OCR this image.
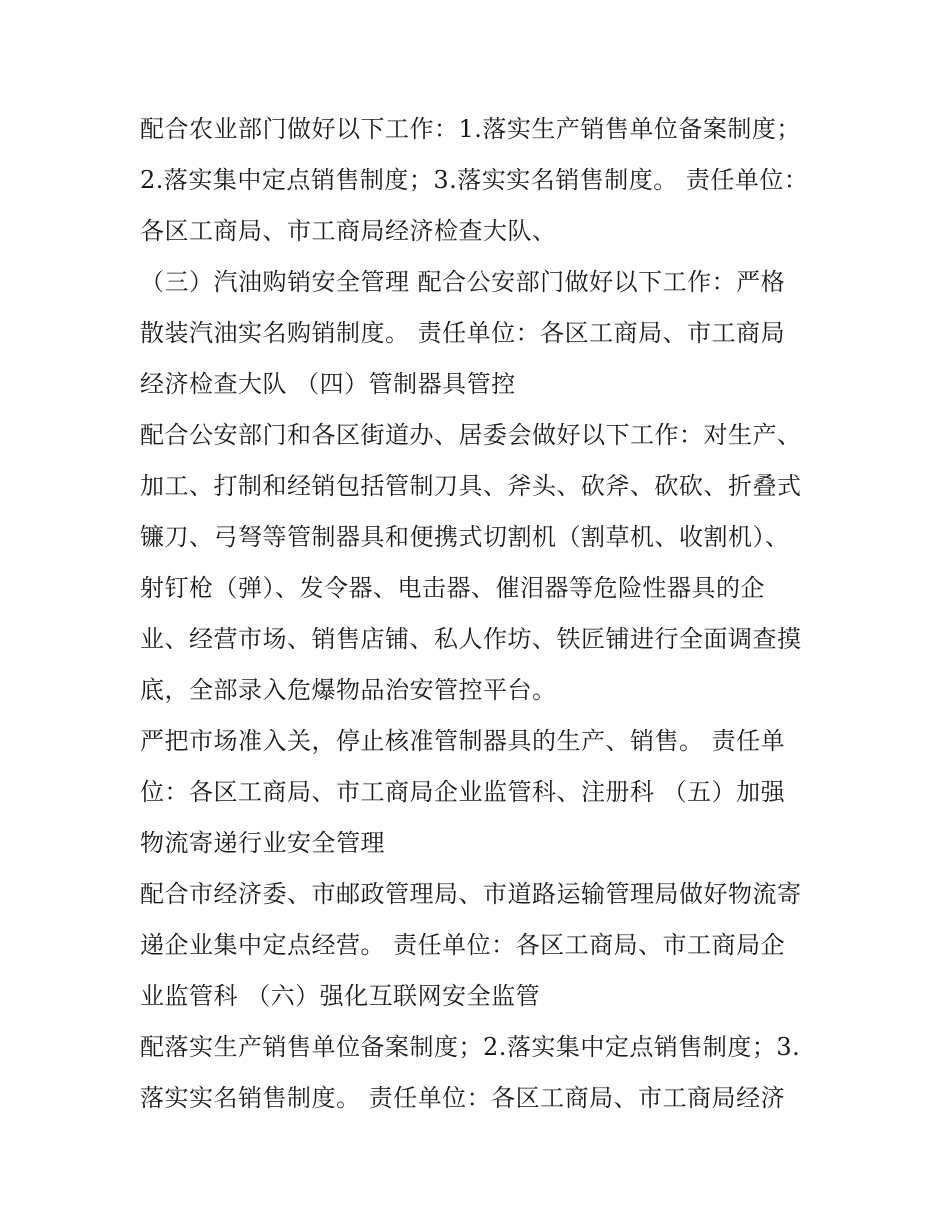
配合农业部门做好以下工作：1.落实生产销售单位备案制度；
2.落实集中定点销售制度；3.落实实名销售制度。 责任单位：
各区工商局、市工商局经济检查大队、
（三）汽油购销安全管理 配合公安部门做好以下工作：严格
散装汽油实名购销制度。 责任单位：各区工商局、市工商局
经济检查大队 （四）管制器具管控
配合公安部门和各区街道办、居委会做好以下工作：对生产、
加工、打制和经销包括管制刀具、斧头、砍斧、砍砍、折叠式
镰刀、弓弩等管制器具和便携式切割机（割草机、收割机）、
射钉枪（弹）、发令器、电击器、催泪器等危险性器具的企
业、经营市场、销售店铺、私人作坊、铁匠铺进行全面调查摸
底，全部录入危爆物品治安管控平台。
严把市场准入关，停止核准管制器具的生产、销售。 责任单
位：各区工商局、市工商局企业监管科、注册科 （五）加强
物流寄递行业安全管理
配合市经济委、市邮政管理局、市道路运输管理局做好物流寄
递企业集中定点经营。 责任单位：各区工商局、市工商局企
业监管科 （六）强化互联网安全监管
配落实生产销售单位备案制度；2.落实集中定点销售制度；3.
落实实名销售制度。 责任单位：各区工商局、市工商局经济
